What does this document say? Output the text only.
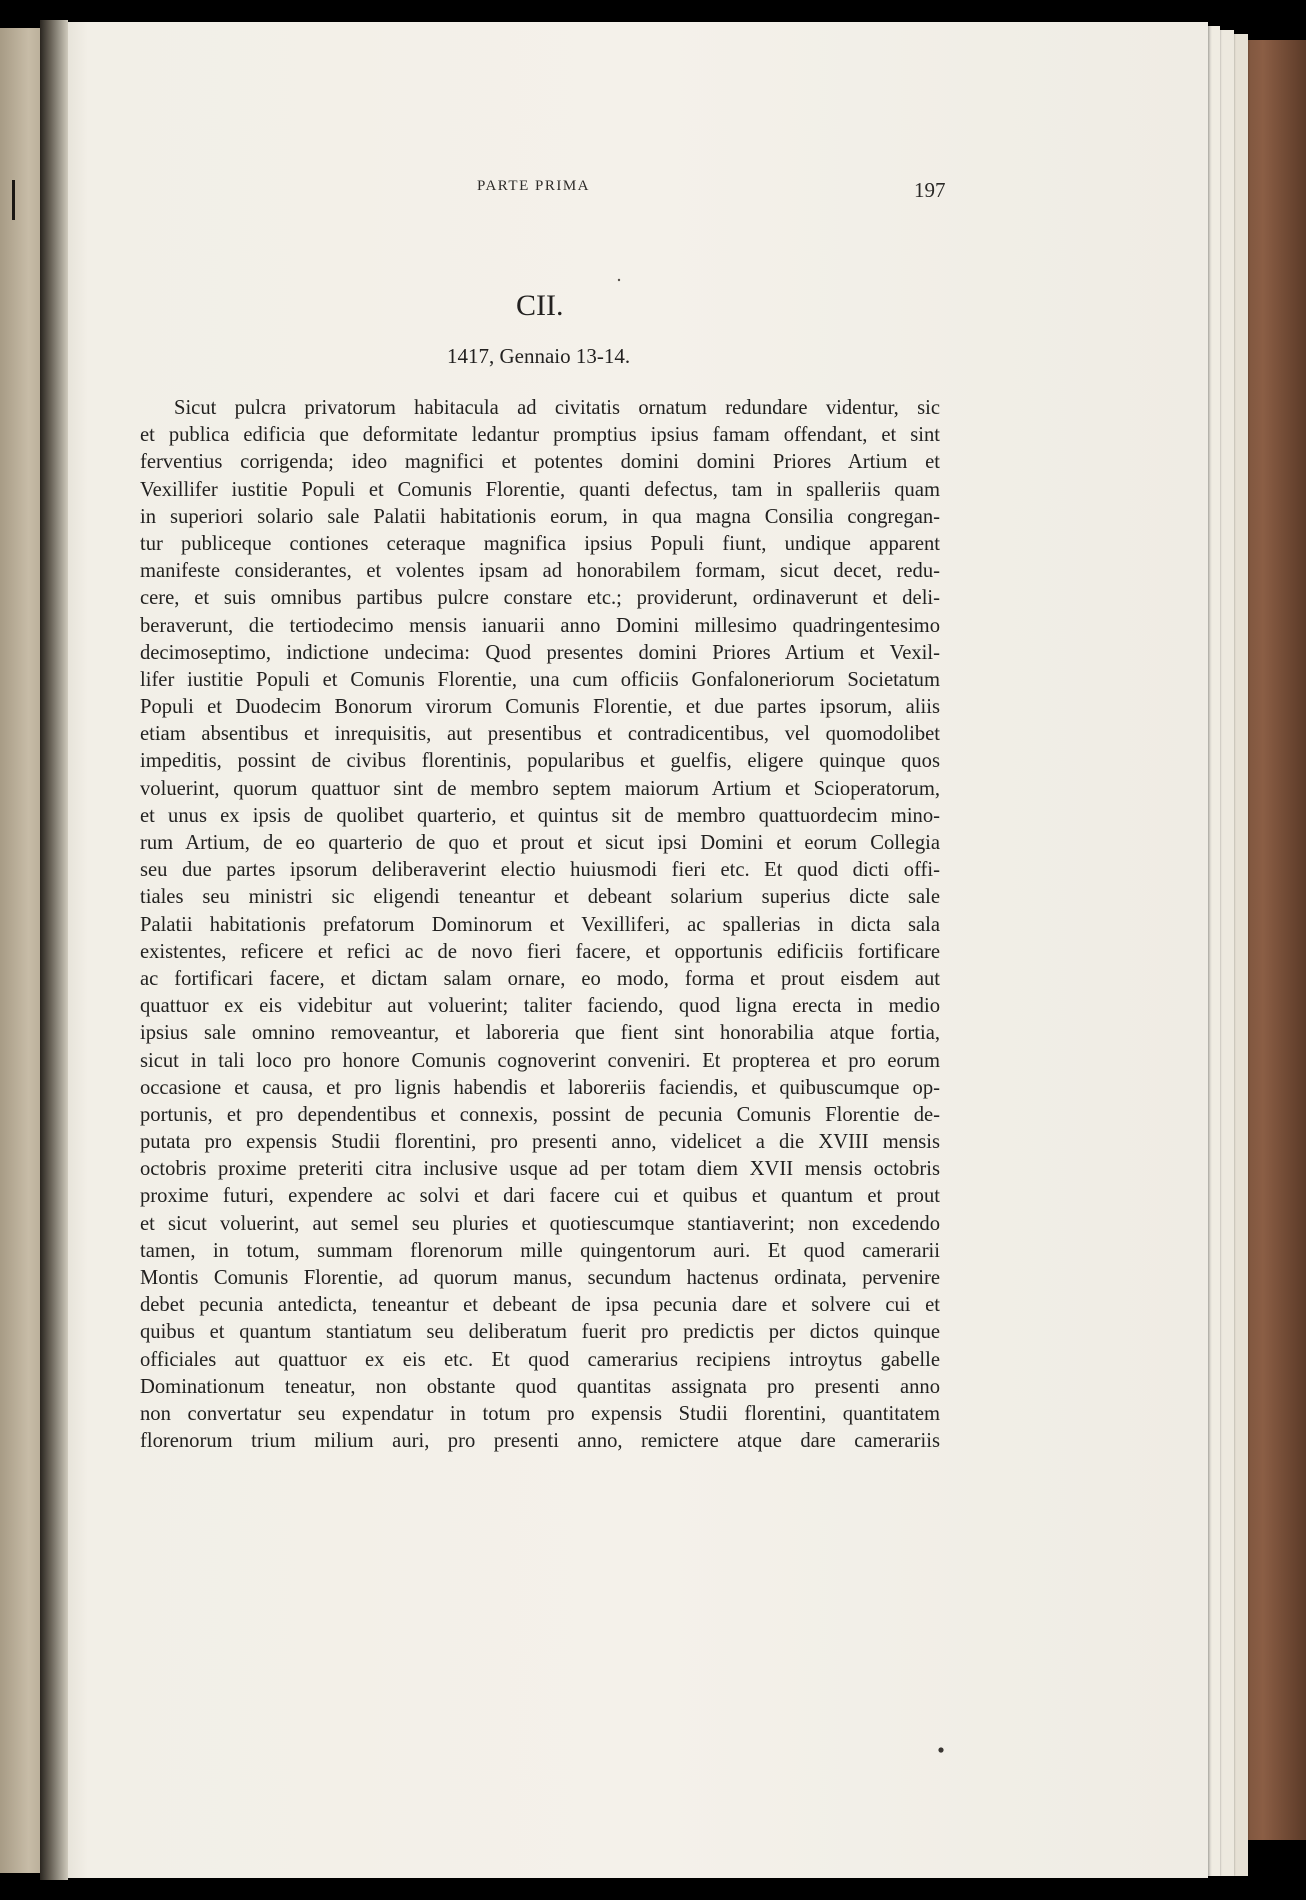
PARTE PRIMA	197
CII.
1417, Gennaio 13-14.
Sicut pulcra privatorum habitacula ad civitatis ornatum redundare videntur, sic
et publica edificia que deformitate ledantur promptius ipsius famam offendant, et sint
ferventius corrigenda; ideo magnifici et potentes domini domini Priores Artium et
Vexillifer iustitie Populi et Comunis Florentie, quanti defectus, tam in spalleriis quam
in superiori solario sale Palatii habitationis eorum, in qua magna Consilia congregan-
tur publiceque contiones ceteraque magnifica ipsius Populi fiunt, undique apparent
manifeste considerantes, et volentes ipsam ad honorabilem formam, sicut decet, redu-
cere, et suis omnibus partibus pulcre constare etc.; providerunt, ordinaverunt et deli-
beraverunt, die tertiodecimo mensis ianuarii anno Domini millesimo quadringentesimo
decimoseptimo, indictione undecima: Quod presentes domini Priores Artium et Vexil-
lifer iustitie Populi et Comunis Florentie, una cum officiis Gonfaloneriorum Societatum
Populi et Duodecim Bonorum virorum Comunis Florentie, et due partes ipsorum, aliis
etiam absentibus et inrequisitis, aut presentibus et contradicentibus, vel quomodolibet
impeditis, possint de civibus florentinis, popularibus et guelfis, eligere quinque quos
voluerint, quorum quattuor sint de membro septem maiorum Artium et Scioperatorum,
et unus ex ipsis de quolibet quarterio, et quintus sit de membro quattuordecim mino-
rum Artium, de eo quarterio de quo et prout et sicut ipsi Domini et eorum Collegia
seu due partes ipsorum deliberaverint electio huiusmodi fieri etc. Et quod dicti offi-
tiales seu ministri sic eligendi teneantur et debeant solarium superius dicte sale
Palatii habitationis prefatorum Dominorum et Vexilliferi, ac spallerias in dicta sala
existentes, reficere et refici ac de novo fieri facere, et opportunis edificiis fortificare
ac fortificari facere, et dictam salam ornare, eo modo, forma et prout eisdem aut
quattuor ex eis videbitur aut voluerint; taliter faciendo, quod ligna erecta in medio
ipsius sale omnino removeantur, et laboreria que fient sint honorabilia atque fortia,
sicut in tali loco pro honore Comunis cognoverint conveniri. Et propterea et pro eorum
occasione et causa, et pro lignis habendis et laboreriis faciendis, et quibuscumque op-
portunis, et pro dependentibus et connexis, possint de pecunia Comunis Florentie de-
putata pro expensis Studii florentini, pro presenti anno, videlicet a die XVIII mensis
octobris proxime preteriti citra inclusive usque ad per totam diem XVII mensis octobris
proxime futuri, expendere ac solvi et dari facere cui et quibus et quantum et prout
et sicut voluerint, aut semel seu pluries et quotiescumque stantiaverint; non excedendo
tamen, in totum, summam florenorum mille quingentorum auri. Et quod camerarii
Montis Comunis Florentie, ad quorum manus, secundum hactenus ordinata, pervenire
debet pecunia antedicta, teneantur et debeant de ipsa pecunia dare et solvere cui et
quibus et quantum stantiatum seu deliberatum fuerit pro predictis per dictos quinque
officiales aut quattuor ex eis etc. Et quod camerarius recipiens introytus gabelle
Dominationum teneatur, non obstante quod quantitas assignata pro presenti anno
non convertatur seu expendatur in totum pro expensis Studii florentini, quantitatem
florenorum trium milium auri, pro presenti anno, remictere atque dare camerariis
